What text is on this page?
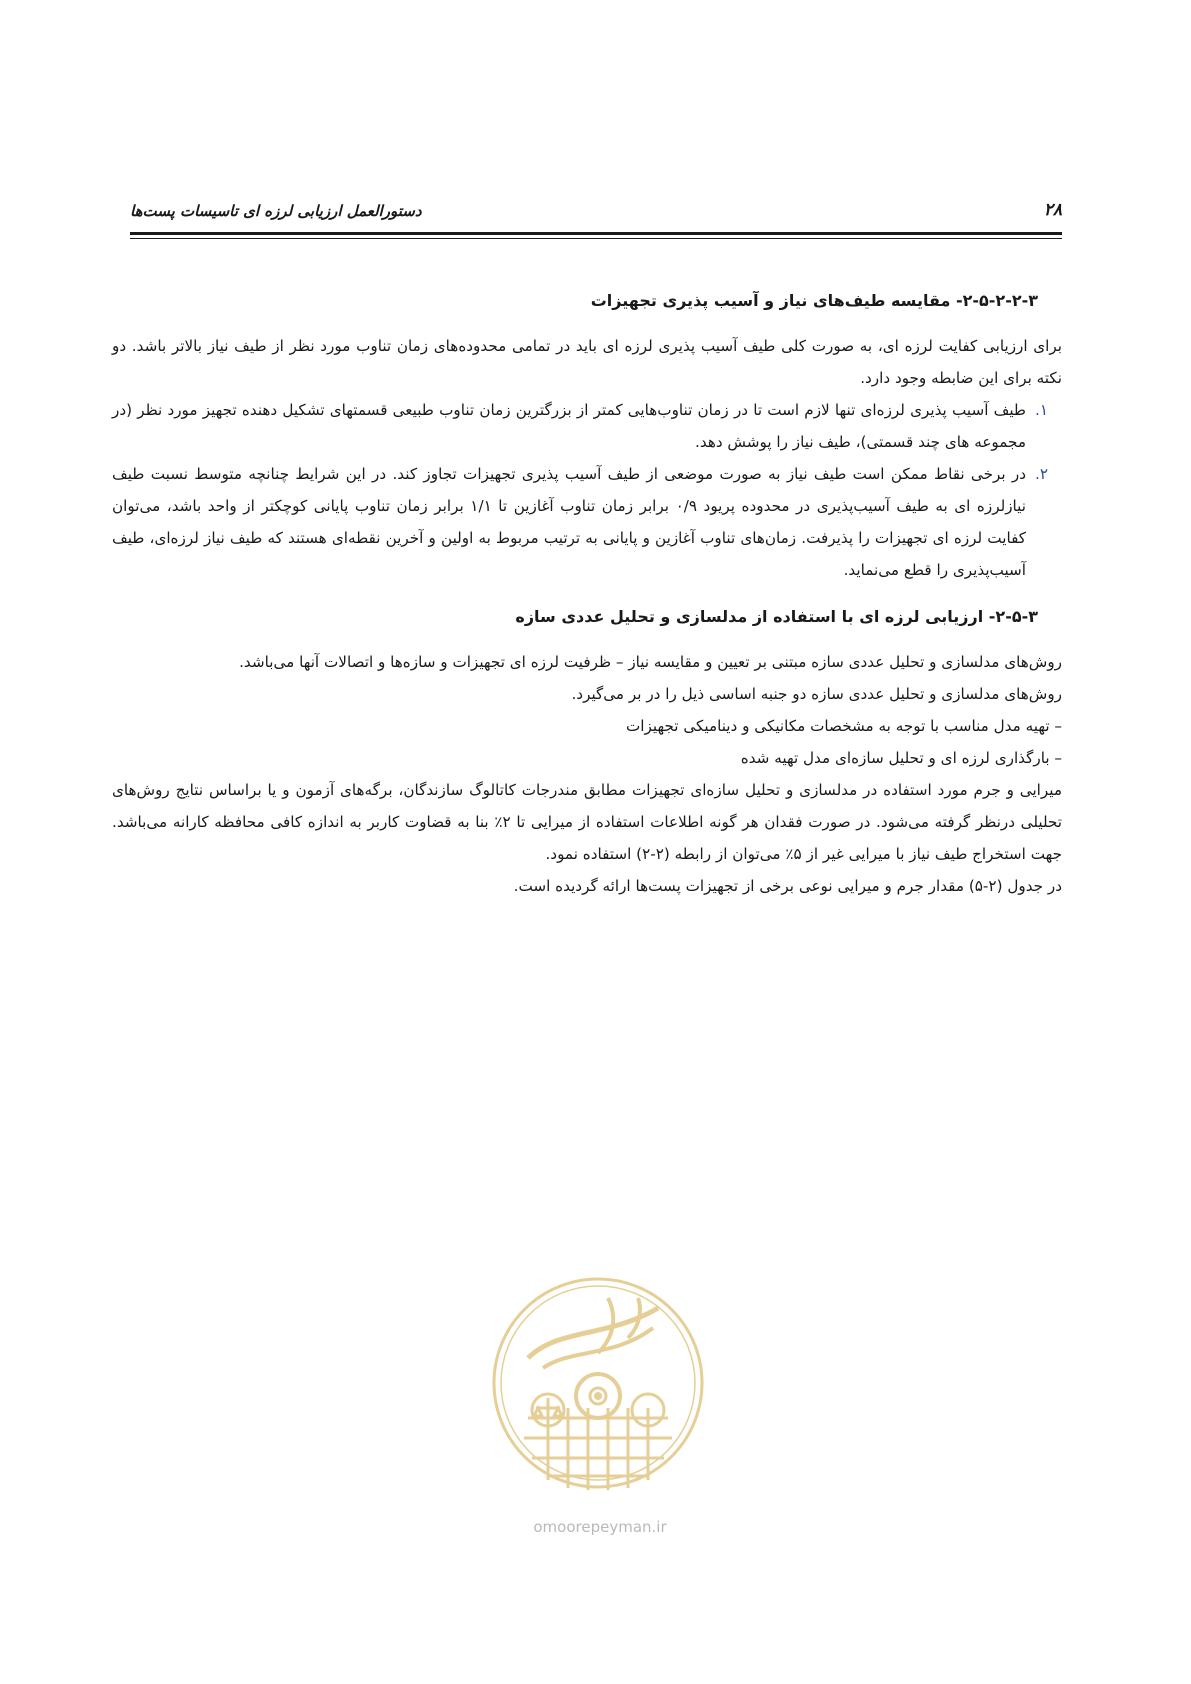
۲۸
دستورالعمل ارزیابی لرزه ای تاسیسات پست‌ها
۲-۵-۲-۲-۳- مقایسه طیف‌های نیاز و آسیب پذیری تجهیزات

برای ارزیابی کفایت لرزه ای، به صورت کلی طیف آسیب پذیری لرزه ای باید در تمامی محدوده‌های زمان تناوب مورد نظر از طیف نیاز بالاتر باشد. دو نکته برای این ضابطه وجود دارد.

۱.
طیف آسیب پذیری لرزه‌ای تنها لازم است تا در زمان تناوب‌هایی کمتر از بزرگترین زمان تناوب طبیعی قسمتهای تشکیل دهنده تجهیز مورد نظر (در مجموعه های چند قسمتی)، طیف نیاز را پوشش دهد.
۲.
در برخی نقاط ممکن است طیف نیاز به صورت موضعی از طیف آسیب پذیری تجهیزات تجاوز کند. در این شرایط چنانچه متوسط نسبت طیف نیازلرزه ای به طیف آسیب‌پذیری در محدوده پریود ۰/۹ برابر زمان تناوب آغازین تا ۱/۱ برابر زمان تناوب پایانی کوچکتر از واحد باشد، می‌توان کفایت لرزه ای تجهیزات را پذیرفت. زمان‌های تناوب آغازین و پایانی به ترتیب مربوط به اولین و آخرین نقطه‌ای هستند که طیف نیاز لرزه‌ای، طیف آسیب‌پذیری را قطع می‌نماید.
۲-۵-۳- ارزیابی لرزه ای با استفاده از مدلسازی و تحلیل عددی سازه

روش‌های مدلسازی و تحلیل عددی سازه مبتنی بر تعیین و مقایسه نیاز – ظرفیت لرزه ای تجهیزات و سازه‌ها و اتصالات آنها می‌باشد.

روش‌های مدلسازی و تحلیل عددی سازه دو جنبه اساسی ذیل را در بر می‌گیرد.

– تهیه مدل مناسب با توجه به مشخصات مکانیکی و دینامیکی تجهیزات

– بارگذاری لرزه ای و تحلیل سازه‌ای مدل تهیه شده

میرایی و جرم مورد استفاده در مدلسازی و تحلیل سازه‌ای تجهیزات مطابق مندرجات کاتالوگ سازندگان، برگه‌های آزمون و یا براساس نتایج روش‌های تحلیلی درنظر گرفته می‌شود. در صورت فقدان هر گونه اطلاعات استفاده از میرایی تا ۲٪ بنا به قضاوت کاربر به اندازه کافی محافظه کارانه می‌باشد. جهت استخراج طیف نیاز با میرایی غیر از ۵٪ می‌توان از رابطه (۲-۲) استفاده نمود.

در جدول (۲-۵) مقدار جرم و میرایی نوعی برخی از تجهیزات پست‌ها ارائه گردیده است.

omoorepeyman.ir
